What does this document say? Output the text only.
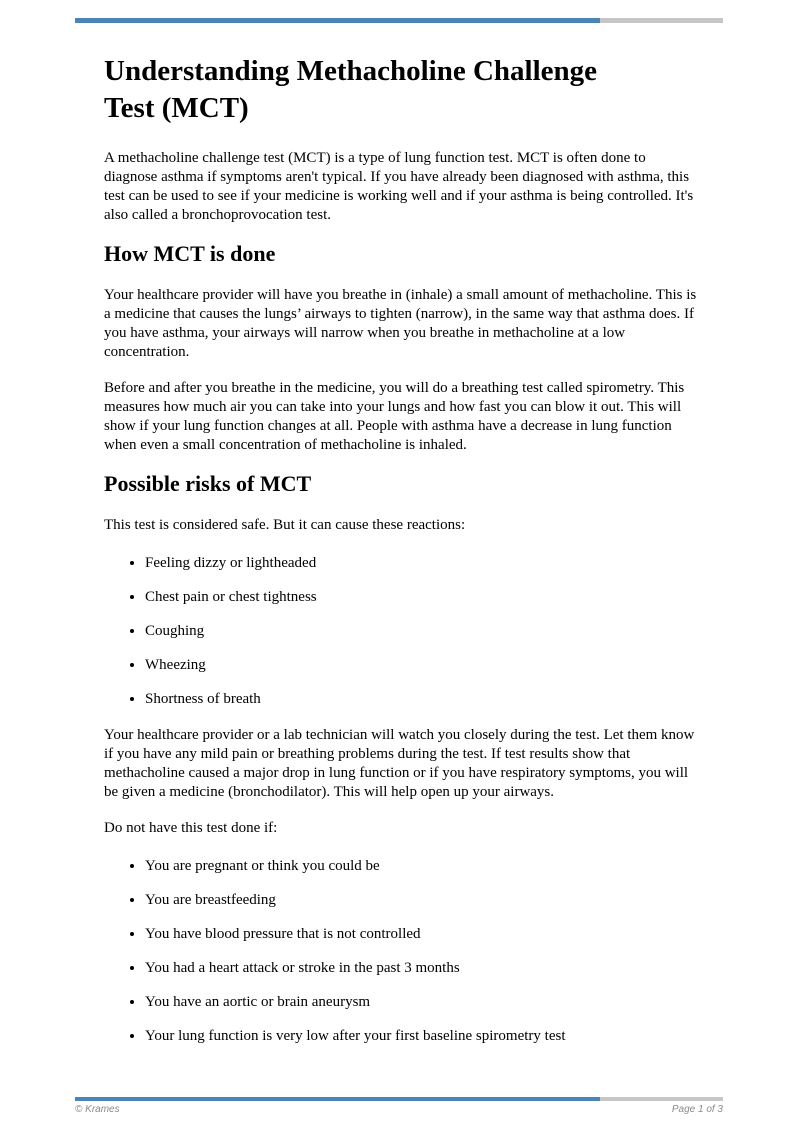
Understanding Methacholine Challenge
Test (MCT)

A methacholine challenge test (MCT) is a type of lung function test. MCT is often done to diagnose asthma if symptoms aren't typical. If you have already been diagnosed with asthma, this test can be used to see if your medicine is working well and if your asthma is being controlled. It's also called a bronchoprovocation test.

How MCT is done

Your healthcare provider will have you breathe in (inhale) a small amount of methacholine. This is a medicine that causes the lungs’ airways to tighten (narrow), in the same way that asthma does. If you have asthma, your airways will narrow when you breathe in methacholine at a low concentration.

Before and after you breathe in the medicine, you will do a breathing test called spirometry. This measures how much air you can take into your lungs and how fast you can blow it out. This will show if your lung function changes at all. People with asthma have a decrease in lung function when even a small concentration of methacholine is inhaled.

Possible risks of MCT

This test is considered safe. But it can cause these reactions:

• Feeling dizzy or lightheaded
• Chest pain or chest tightness
• Coughing
• Wheezing
• Shortness of breath

Your healthcare provider or a lab technician will watch you closely during the test. Let them know if you have any mild pain or breathing problems during the test. If test results show that methacholine caused a major drop in lung function or if you have respiratory symptoms, you will be given a medicine (bronchodilator). This will help open up your airways.

Do not have this test done if:

• You are pregnant or think you could be
• You are breastfeeding
• You have blood pressure that is not controlled
• You had a heart attack or stroke in the past 3 months
• You have an aortic or brain aneurysm
• Your lung function is very low after your first baseline spirometry test
© Krames	Page 1 of 3
